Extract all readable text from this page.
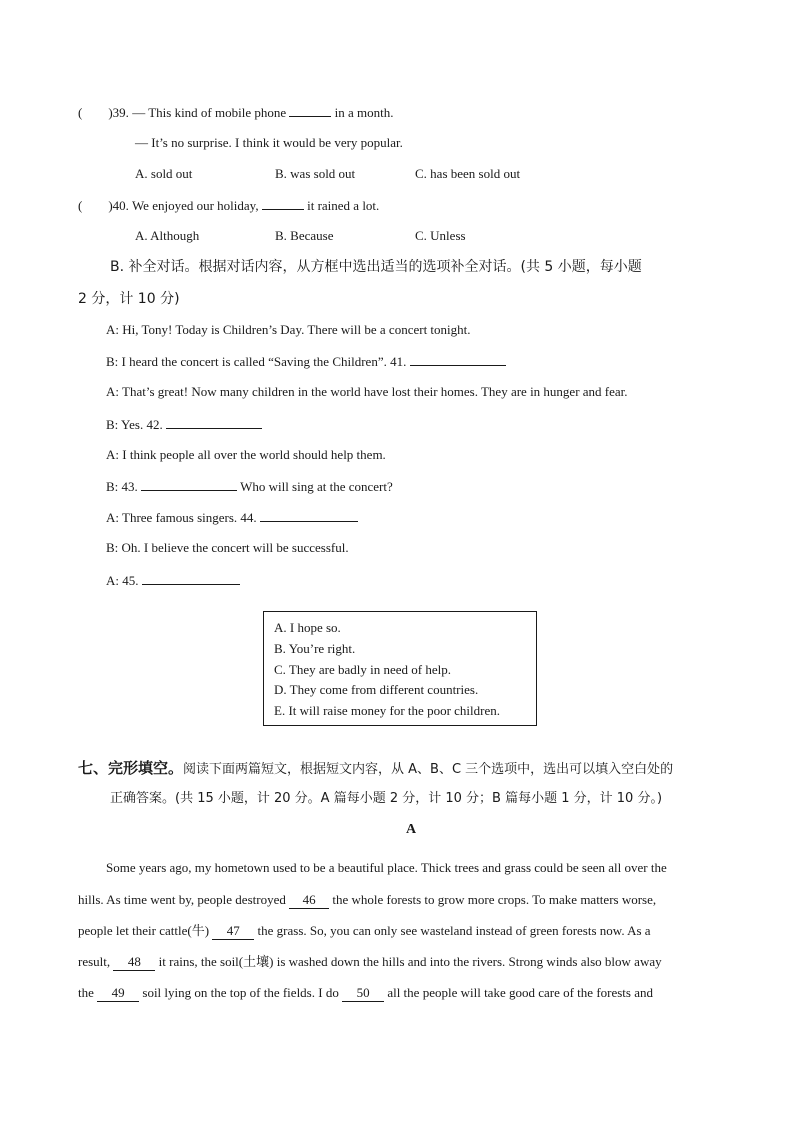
( )39. — This kind of mobile phone	in a month.
— It’s no surprise. I think it would be very popular.
A. sold out	B. was sold out	C. has been sold out
( )40. We enjoyed our holiday,	it rained a lot.
A. Although	B. Because	C. Unless
B. 补全对话。根据对话内容，从方框中选出适当的选项补全对话。(共 5 小题，每小题
2 分，计 10 分)
A: Hi, Tony! Today is Children’s Day. There will be a concert tonight.
B: I heard the concert is called “Saving the Children”. 41.
A: That’s great! Now many children in the world have lost their homes. They are in hunger and fear.
B: Yes. 42.
A: I think people all over the world should help them.
B: 43.	Who will sing at the concert?
A: Three famous singers. 44.
B: Oh. I believe the concert will be successful.
A: 45.
A. I hope so.
B. You’re right.
C. They are badly in need of help.
D. They come from different countries.
E. It will raise money for the poor children.
七、完形填空。阅读下面两篇短文，根据短文内容，从 A、B、C 三个选项中，选出可以填入空白处的
正确答案。(共 15 小题，计 20 分。A 篇每小题 2 分，计 10 分；B 篇每小题 1 分，计 10 分。)
A
Some years ago, my hometown used to be a beautiful place. Thick trees and grass could be seen all over the
hills. As time went by, people destroyed 46 the whole forests to grow more crops. To make matters worse,
people let their cattle(牛) 47 the grass. So, you can only see wasteland instead of green forests now. As a
result, 48 it rains, the soil(土壤) is washed down the hills and into the rivers. Strong winds also blow away
the 49 soil lying on the top of the fields. I do 50 all the people will take good care of the forests and
